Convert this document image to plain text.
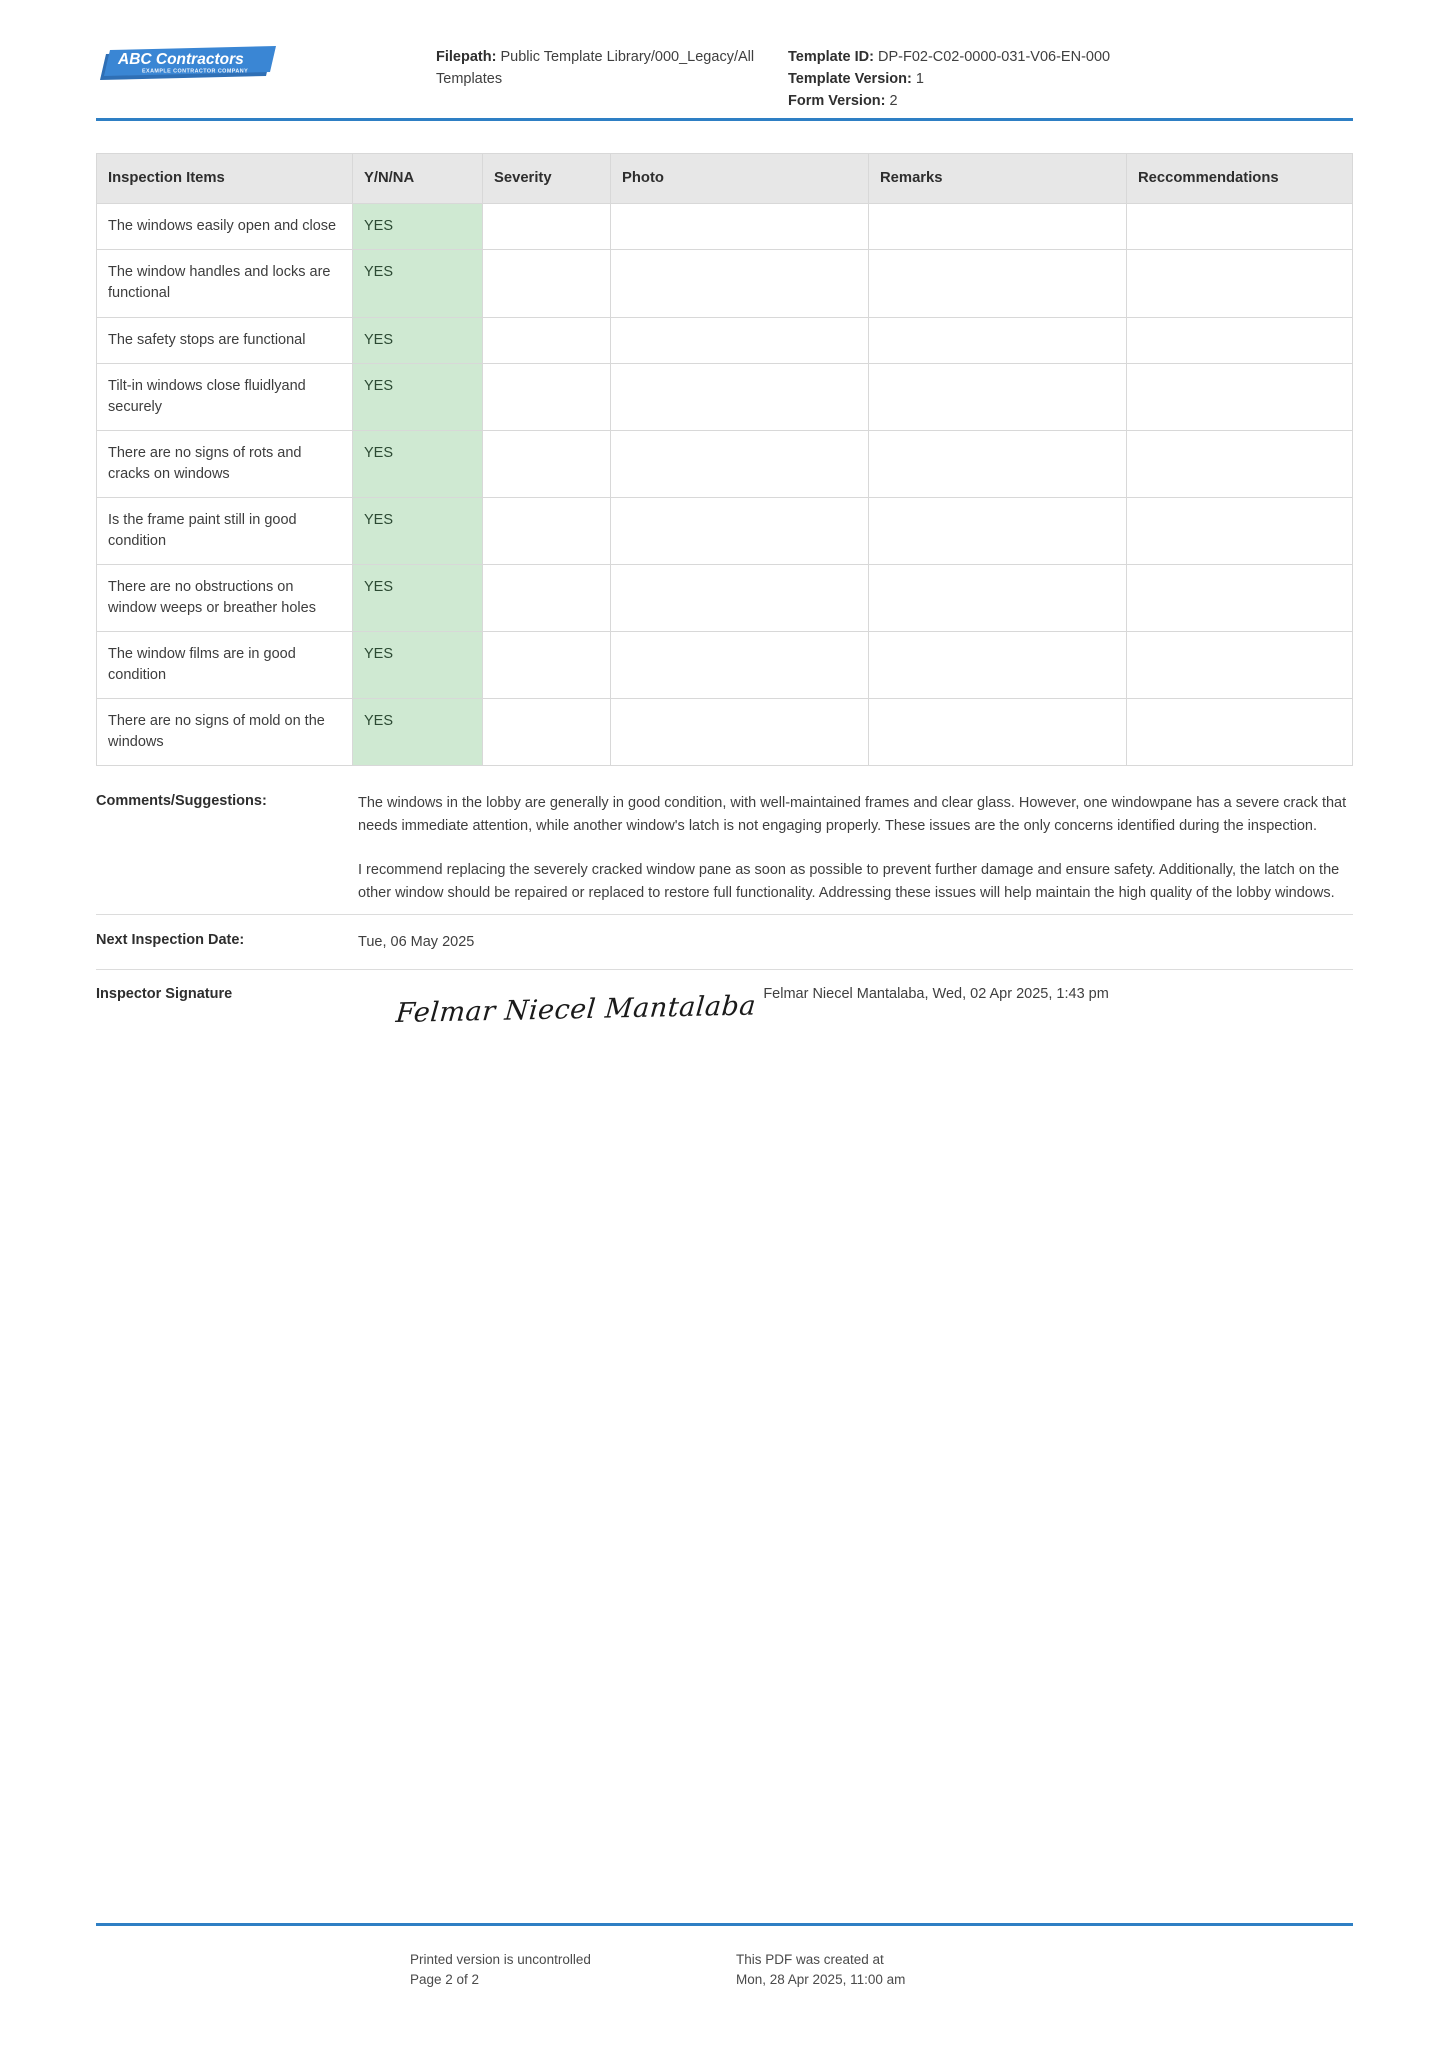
ABC Contractors
EXAMPLE CONTRACTOR COMPANY
Filepath: Public Template Library/000_Legacy/All Templates
Template ID: DP-F02-C02-0000-031-V06-EN-000
Template Version: 1
Form Version: 2
Inspection Items	Y/N/NA	Severity	Photo	Remarks	Reccommendations
The windows easily open and close	YES				
The window handles and locks are functional	YES				
The safety stops are functional	YES				
Tilt-in windows close fluidlyand securely	YES				
There are no signs of rots and cracks on windows	YES				
Is the frame paint still in good condition	YES				
There are no obstructions on window weeps or breather holes	YES				
The window films are in good condition	YES				
There are no signs of mold on the windows	YES				
Comments/Suggestions:	The windows in the lobby are generally in good condition, with well-maintained frames and clear glass. However, one windowpane has a severe crack that needs immediate attention, while another window's latch is not engaging properly. These issues are the only concerns identified during the inspection.

I recommend replacing the severely cracked window pane as soon as possible to prevent further damage and ensure safety. Additionally, the latch on the other window should be repaired or replaced to restore full functionality. Addressing these issues will help maintain the high quality of the lobby windows.

Next Inspection Date:	Tue, 06 May 2025
Inspector Signature	Felmar Niecel Mantalaba Felmar Niecel Mantalaba, Wed, 02 Apr 2025, 1:43 pm
Printed version is uncontrolled
Page 2 of 2
This PDF was created at
Mon, 28 Apr 2025, 11:00 am
